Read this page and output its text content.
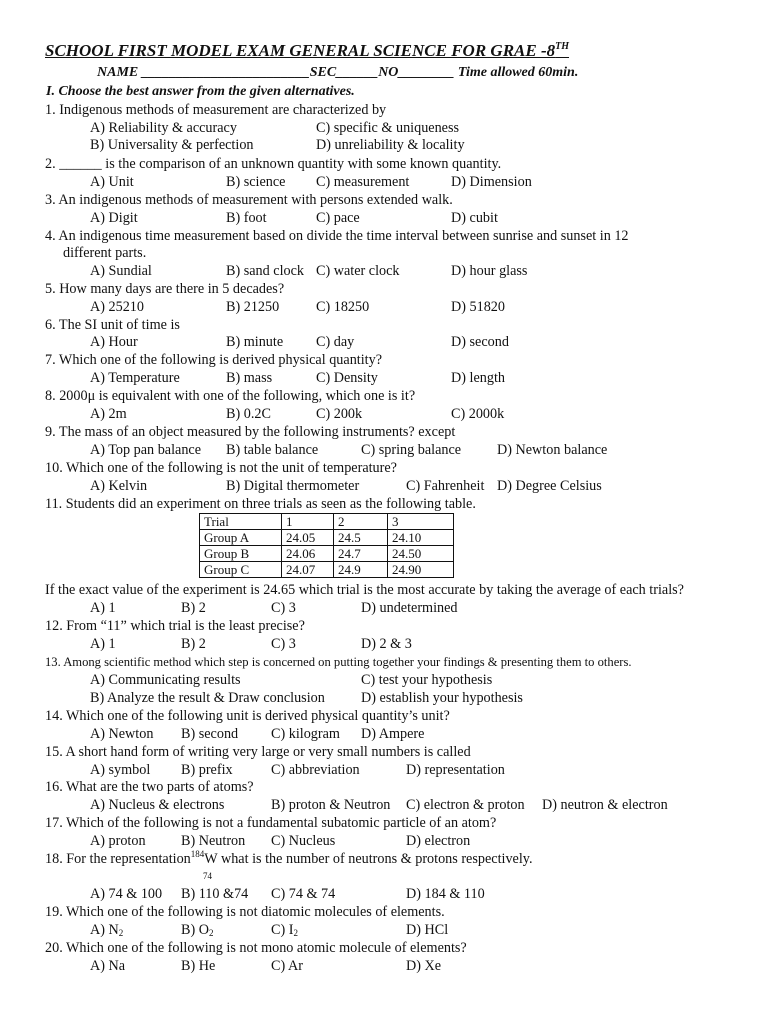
SCHOOL FIRST MODEL EXAM GENERAL SCIENCE FOR GRAE -8TH
NAME ________________________SEC______NO________ Time allowed 60min.
I. Choose the best answer from the given alternatives.
1. Indigenous methods of measurement are characterized by
A) Reliability & accuracy	C) specific & uniqueness
B) Universality & perfection	D) unreliability & locality
2. ______ is the comparison of an unknown quantity with some known quantity.
A) Unit	B) science C) measurement	D) Dimension
3. An indigenous methods of measurement with persons extended walk.
A) Digit	B) foot	C) pace	D) cubit
4. An indigenous time measurement based on divide the time interval between sunrise and sunset in 12
different parts.
A) Sundial	B) sand clock C) water clock	D) hour glass
5. How many days are there in 5 decades?
A) 25210	B) 21250	C) 18250	D) 51820
6. The SI unit of time is
A) Hour	B) minute C) day	D) second
7. Which one of the following is derived physical quantity?
A) Temperature	B) mass	C) Density	D) length
8. 2000μ is equivalent with one of the following, which one is it?
A) 2m	B) 0.2C	C) 200k	C) 2000k
9. The mass of an object measured by the following instruments? except
A) Top pan balance B) table balance	C) spring balance	D) Newton balance
10. Which one of the following is not the unit of temperature?
A) Kelvin	B) Digital thermometer	C) Fahrenheit D) Degree Celsius
11. Students did an experiment on three trials as seen as the following table.
Trial	1	2	3
Group A	24.05	24.5	24.10
Group B	24.06	24.7	24.50
Group C	24.07	24.9	24.90
If the exact value of the experiment is 24.65 which trial is the most accurate by taking the average of each trials?
A) 1	B) 2	C) 3	D) undetermined
12. From “11” which trial is the least precise?
A) 1	B) 2	C) 3	D) 2 & 3
13. Among scientific method which step is concerned on putting together your findings & presenting them to others.
A) Communicating results	C) test your hypothesis
B) Analyze the result & Draw conclusion	D) establish your hypothesis
14. Which one of the following unit is derived physical quantity’s unit?
A) Newton B) second C) kilogram D) Ampere
15. A short hand form of writing very large or very small numbers is called
A) symbol B) prefix	C) abbreviation	D) representation
16. What are the two parts of atoms?
A) Nucleus & electrons	B) proton & Neutron C) electron & proton D) neutron & electron
17. Which of the following is not a fundamental subatomic particle of an atom?
A) proton B) Neutron C) Nucleus	D) electron
18. For the representation$^{184}$W what is the number of neutrons & protons respectively.
74
A) 74 & 100 B) 110 &74 C) 74 & 74	D) 184 & 110
19. Which one of the following is not diatomic molecules of elements.
A) $N_2$	B) $O_2$	C) $I_2$	D) HCl
20. Which one of the following is not mono atomic molecule of elements?
A) Na	B) He	C) Ar	D) Xe
